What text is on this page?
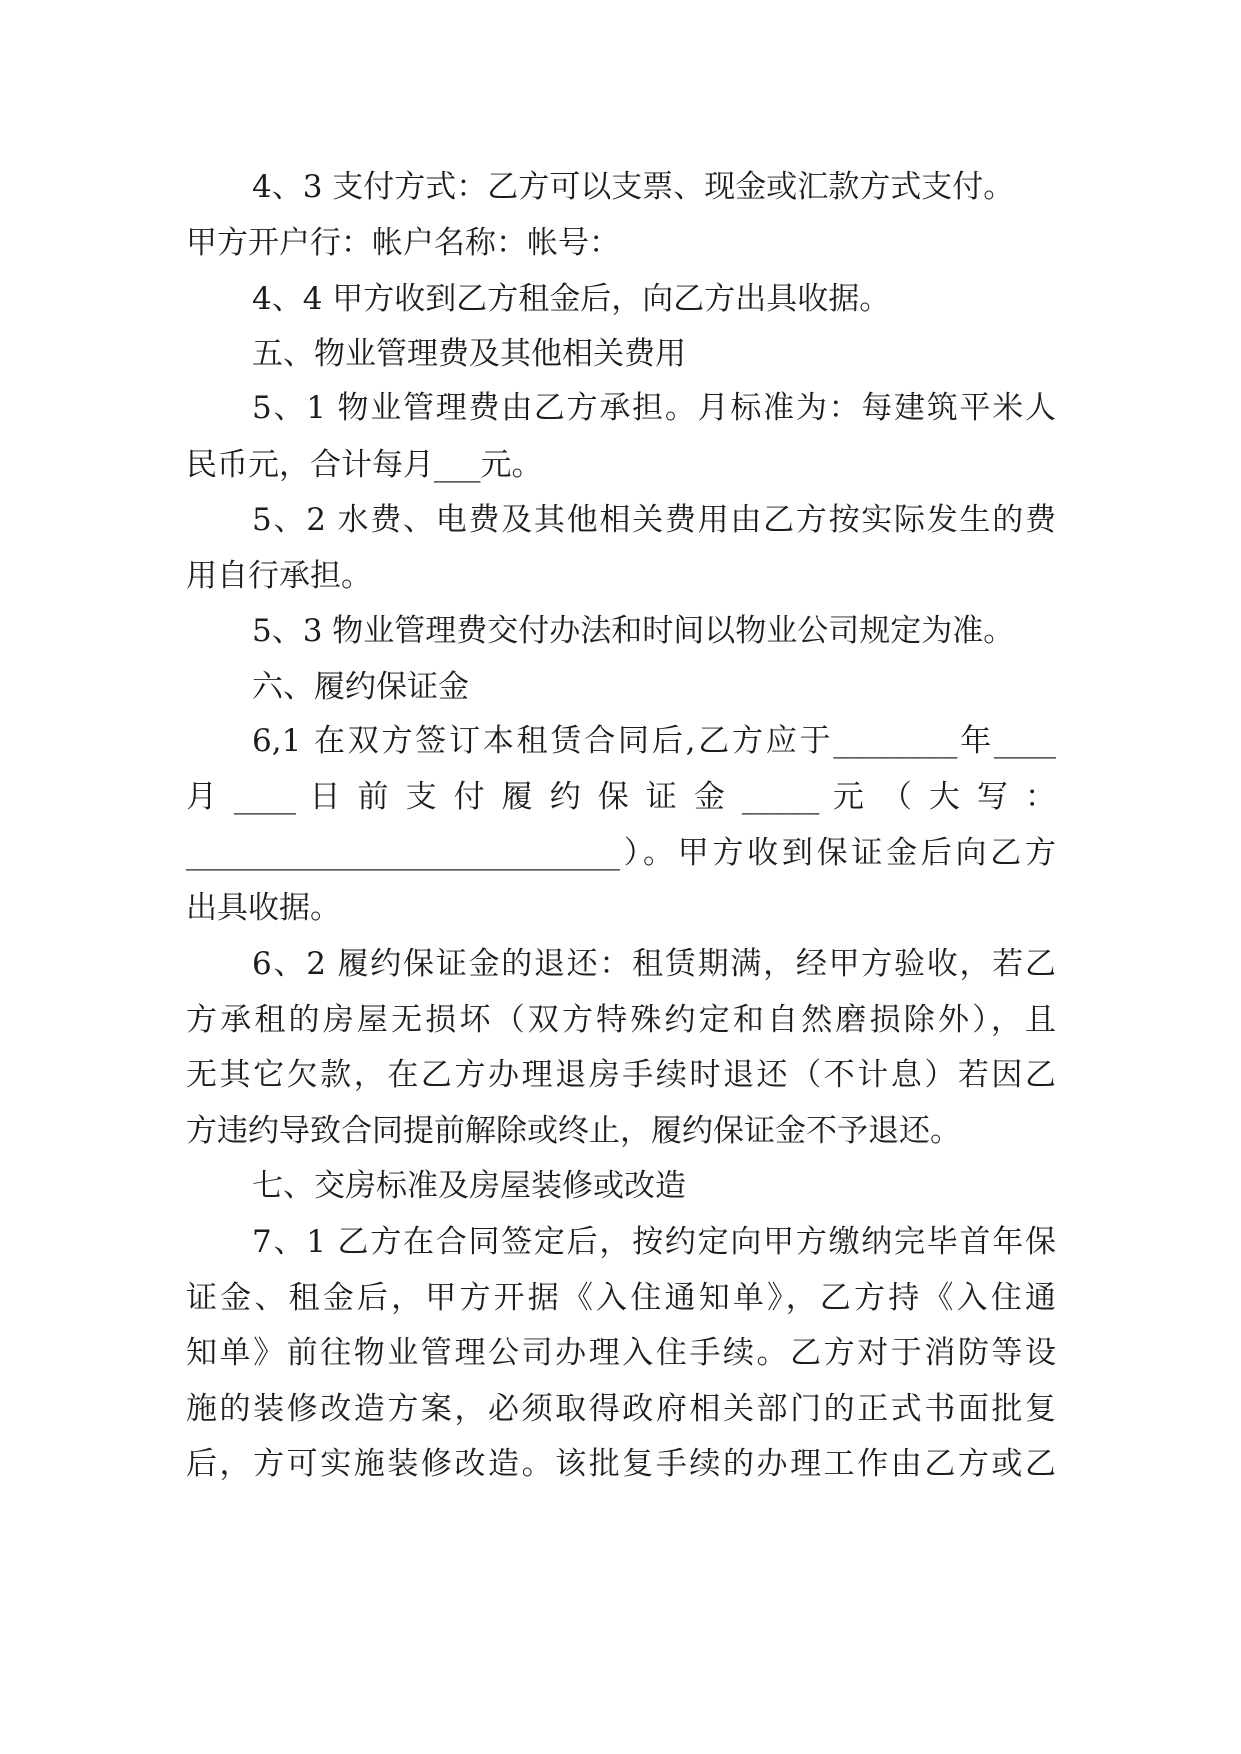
4、3 支付方式：乙方可以支票、现金或汇款方式支付。
甲方开户行：帐户名称：帐号：
4、4 甲方收到乙方租金后，向乙方出具收据。
五、物业管理费及其他相关费用
5、1 物业管理费由乙方承担。月标准为：每建筑平米人
民币元，合计每月___元。
5、2 水费、电费及其他相关费用由乙方按实际发生的费
用自行承担。
5、3 物业管理费交付办法和时间以物业公司规定为准。
六、履约保证金
6,1 在双方签订本租赁合同后,乙方应于________年____
月 ____ 日 前 支 付 履 约 保 证 金 _____ 元 （ 大 写 ：
____________________________）。甲方收到保证金后向乙方
出具收据。
6、2 履约保证金的退还：租赁期满，经甲方验收，若乙
方承租的房屋无损坏（双方特殊约定和自然磨损除外），且
无其它欠款，在乙方办理退房手续时退还（不计息）若因乙
方违约导致合同提前解除或终止，履约保证金不予退还。
七、交房标准及房屋装修或改造
7、1 乙方在合同签定后，按约定向甲方缴纳完毕首年保
证金、租金后，甲方开据《入住通知单》，乙方持《入住通
知单》前往物业管理公司办理入住手续。乙方对于消防等设
施的装修改造方案，必须取得政府相关部门的正式书面批复
后，方可实施装修改造。该批复手续的办理工作由乙方或乙
